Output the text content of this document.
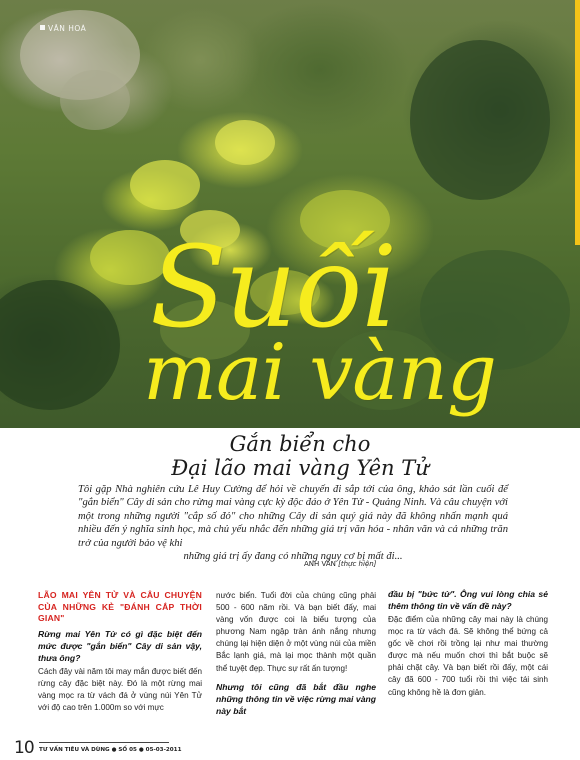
VĂN HOÁ
Suối
mai vàng
Gắn biển cho
Đại lão mai vàng Yên Tử
Tôi gặp Nhà nghiên cứu Lê Huy Cường để hỏi về chuyến đi sắp tới của ông, khảo sát lần cuối để "gắn biển" Cây di sản cho rừng mai vàng cực kỳ độc đáo ở Yên Tử - Quảng Ninh. Và câu chuyện với một trong những người "cắp số đỏ" cho những Cây di sản quý giá này đã không nhấn mạnh quá nhiều đến ý nghĩa sinh học, mà chủ yếu nhắc đến những giá trị văn hóa - nhân văn và cả những trăn trở của người bảo vệ khi
những giá trị ấy đang có những nguy cơ bị mất đi...
ANH VÂN [thực hiện]
LÃO MAI YÊN TỬ VÀ CÂU CHUYỆN CỦA NHỮNG KẺ "ĐÁNH CẮP THỜI GIAN"
Rừng mai Yên Tử có gì đặc biệt đến mức được "gắn biển" Cây di sản vậy, thưa ông?

Cách đây vài năm tôi may mắn được biết đến rừng cây đặc biệt này. Đó là một rừng mai vàng mọc ra từ vách đá ở vùng núi Yên Tử với độ cao trên 1.000m so với mực

nước biển. Tuổi đời của chúng cũng phải 500 - 600 năm rồi. Và bạn biết đấy, mai vàng vốn được coi là biểu tượng của phương Nam ngập tràn ánh nắng nhưng chúng lại hiện diện ở một vùng núi của miền Bắc lạnh giá, mà lại mọc thành một quần thể tuyệt đẹp. Thực sự rất ấn tượng!

Nhưng tôi cũng đã bắt đầu nghe những thông tin về việc rừng mai vàng này bắt
đầu bị "bức tử". Ông vui lòng chia sẻ thêm thông tin về vấn đề này?

Đặc điểm của những cây mai này là chúng mọc ra từ vách đá. Sẽ không thể bứng cả gốc về chơi rồi trồng lại như mai thường được mà nếu muốn chơi thì bắt buộc sẽ phải chặt cây. Và bạn biết rồi đấy, một cái cây đã 600 - 700 tuổi rồi thì việc tái sinh cũng không hề là đơn giản.

10 TƯ VẤN TIÊU VÀ DÙNG ● SỐ 05 ● 05-03-2011
